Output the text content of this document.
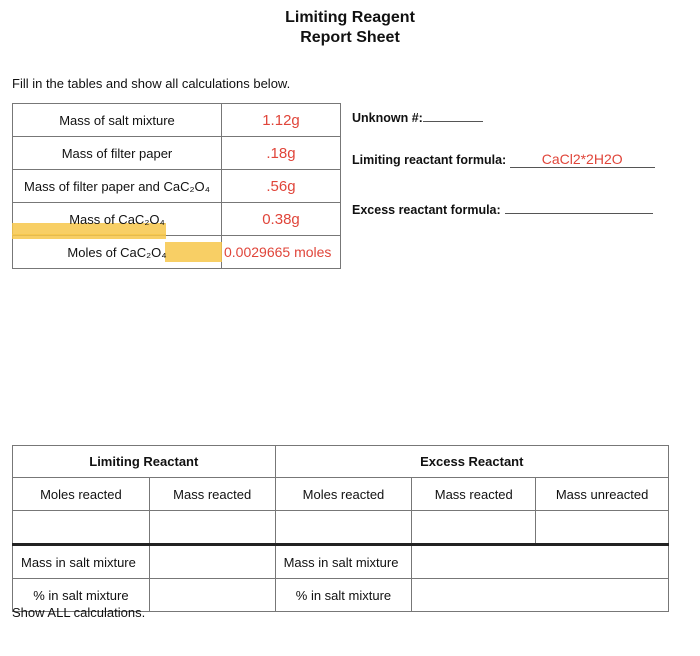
Limiting Reagent
Report Sheet
Fill in the tables and show all calculations below.
Mass of salt mixture	1.12g
Mass of filter paper	.18g
Mass of filter paper and CaC₂O₄	.56g

Mass of CaC₂O₄	0.38g

Moles of CaC₂O₄	0.0029665 moles
Unknown #:
Limiting reactant formula:	CaCl2*2H2O
Excess reactant formula:
Limiting Reactant		Excess Reactant		
Moles reacted	Mass reacted	Moles reacted	Mass reacted	Mass unreacted

Mass in salt mixture		Mass in salt mixture		
% in salt mixture		% in salt mixture		
Show ALL calculations.
